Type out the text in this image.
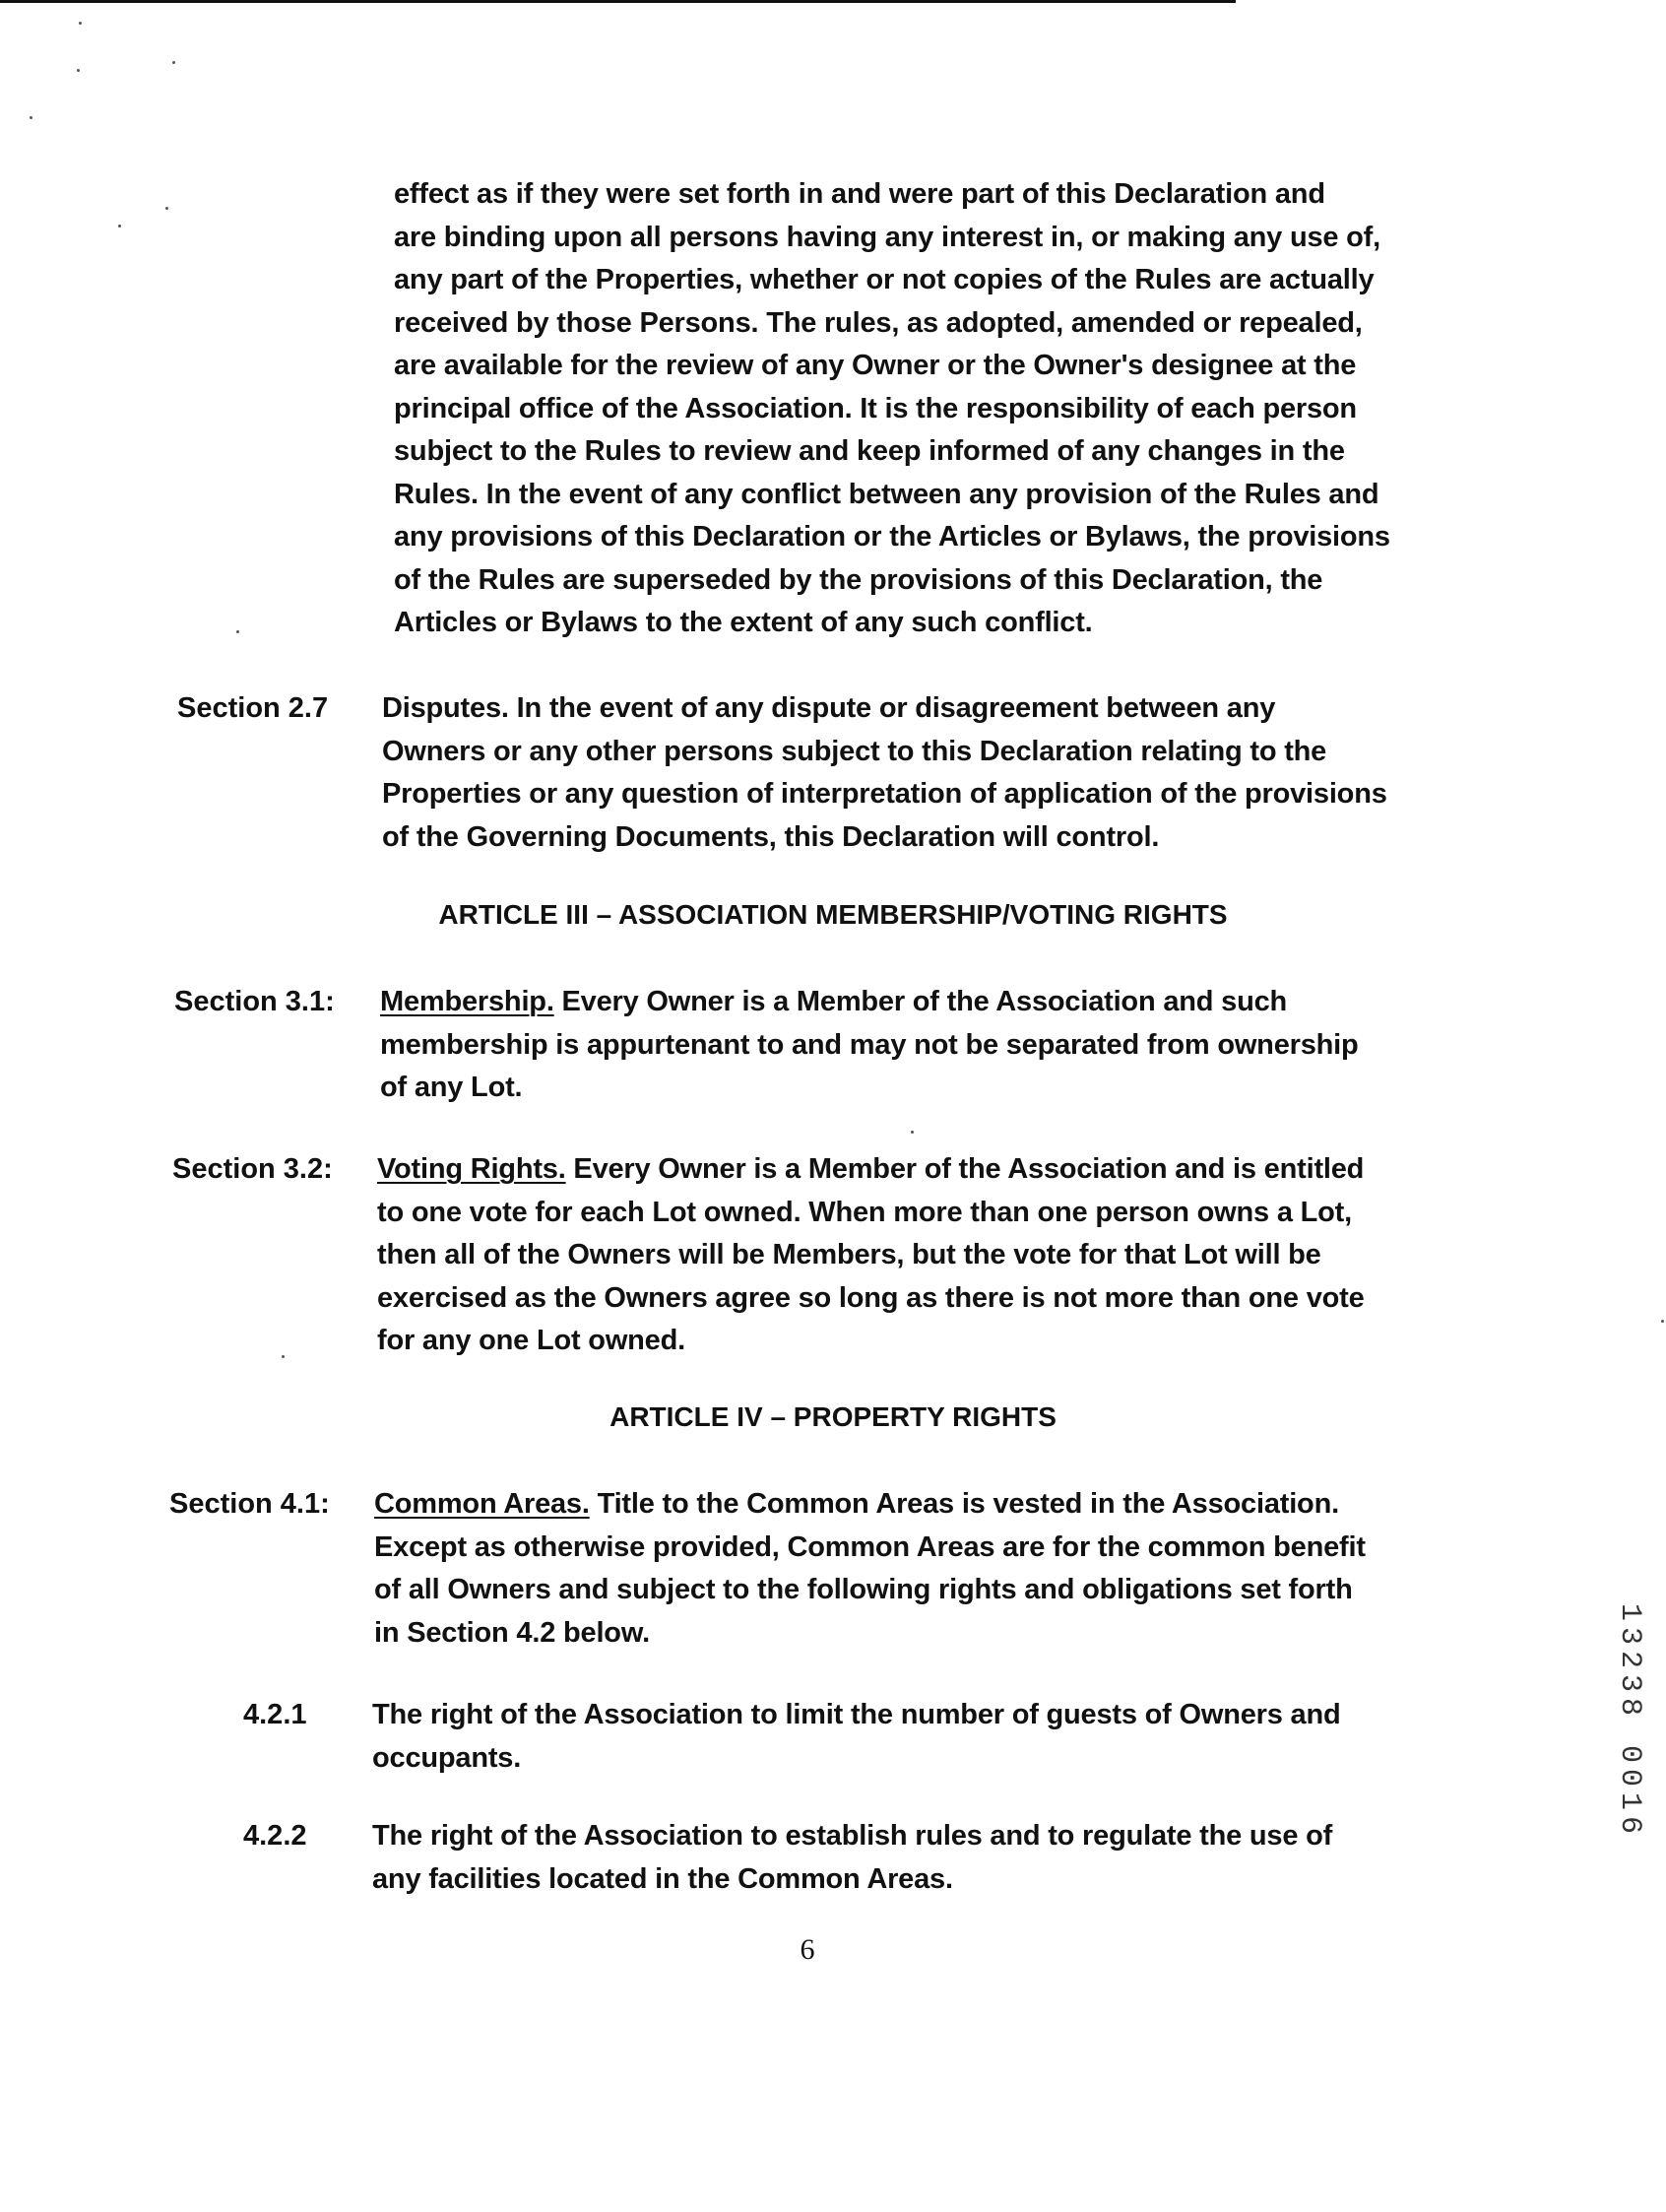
effect as if they were set forth in and were part of this Declaration and
are binding upon all persons having any interest in, or making any use of,
any part of the Properties, whether or not copies of the Rules are actually
received by those Persons. The rules, as adopted, amended or repealed,
are available for the review of any Owner or the Owner's designee at the
principal office of the Association. It is the responsibility of each person
subject to the Rules to review and keep informed of any changes in the
Rules. In the event of any conflict between any provision of the Rules and
any provisions of this Declaration or the Articles or Bylaws, the provisions
of the Rules are superseded by the provisions of this Declaration, the
Articles or Bylaws to the extent of any such conflict.
Section 2.7 Disputes. In the event of any dispute or disagreement between any
Owners or any other persons subject to this Declaration relating to the
Properties or any question of interpretation of application of the provisions
of the Governing Documents, this Declaration will control.
ARTICLE III – ASSOCIATION MEMBERSHIP/VOTING RIGHTS
Section 3.1: Membership. Every Owner is a Member of the Association and such
membership is appurtenant to and may not be separated from ownership
of any Lot.
Section 3.2: Voting Rights. Every Owner is a Member of the Association and is entitled
to one vote for each Lot owned. When more than one person owns a Lot,
then all of the Owners will be Members, but the vote for that Lot will be
exercised as the Owners agree so long as there is not more than one vote
for any one Lot owned.
ARTICLE IV – PROPERTY RIGHTS
Section 4.1: Common Areas. Title to the Common Areas is vested in the Association.
Except as otherwise provided, Common Areas are for the common benefit
of all Owners and subject to the following rights and obligations set forth
in Section 4.2 below.
4.2.1 The right of the Association to limit the number of guests of Owners and
occupants.
4.2.2 The right of the Association to establish rules and to regulate the use of
any facilities located in the Common Areas.
6
13238 0016
